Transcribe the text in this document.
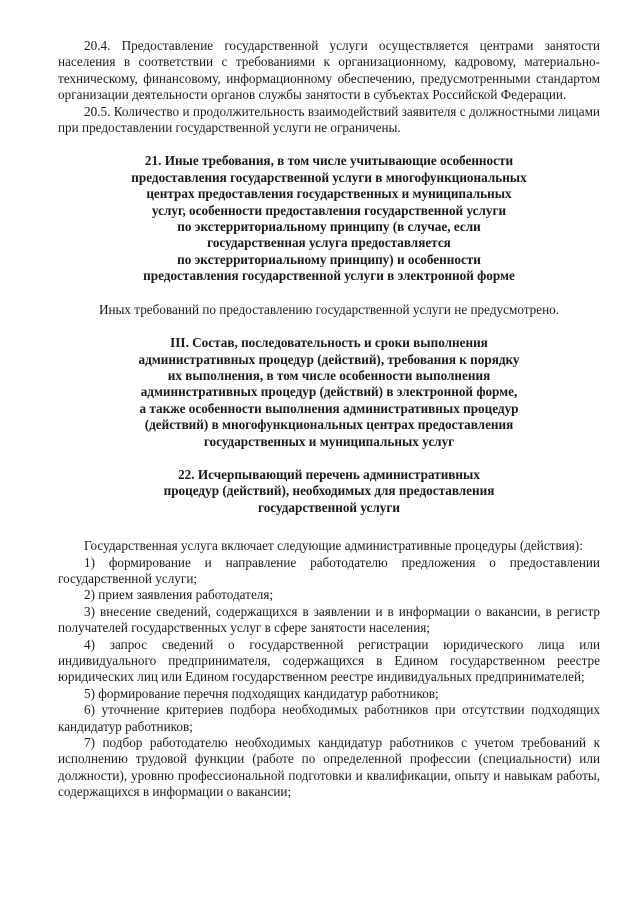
20.4. Предоставление государственной услуги осуществляется центрами занятости населения в соответствии с требованиями к организационному, кадровому, материально-техническому, финансовому, информационному обеспечению, предусмотренными стандартом организации деятельности органов службы занятости в субъектах Российской Федерации.

20.5. Количество и продолжительность взаимодействий заявителя с должностными лицами при предоставлении государственной услуги не ограничены.

21. Иные требования, в том числе учитывающие особенности
предоставления государственной услуги в многофункциональных
центрах предоставления государственных и муниципальных
услуг, особенности предоставления государственной услуги
по экстерриториальному принципу (в случае, если
государственная услуга предоставляется
по экстерриториальному принципу) и особенности
предоставления государственной услуги в электронной форме

Иных требований по предоставлению государственной услуги не предусмотрено.

III. Состав, последовательность и сроки выполнения
административных процедур (действий), требования к порядку
их выполнения, в том числе особенности выполнения
административных процедур (действий) в электронной форме,
а также особенности выполнения административных процедур
(действий) в многофункциональных центрах предоставления
государственных и муниципальных услуг
22. Исчерпывающий перечень административных
процедур (действий), необходимых для предоставления
государственной услуги

Государственная услуга включает следующие административные процедуры (действия):

1) формирование и направление работодателю предложения о предоставлении государственной услуги;

2) прием заявления работодателя;

3) внесение сведений, содержащихся в заявлении и в информации о вакансии, в регистр получателей государственных услуг в сфере занятости населения;

4) запрос сведений о государственной регистрации юридического лица или индивидуального предпринимателя, содержащихся в Едином государственном реестре юридических лиц или Едином государственном реестре индивидуальных предпринимателей;

5) формирование перечня подходящих кандидатур работников;

6) уточнение критериев подбора необходимых работников при отсутствии подходящих кандидатур работников;

7) подбор работодателю необходимых кандидатур работников с учетом требований к исполнению трудовой функции (работе по определенной профессии (специальности) или должности), уровню профессиональной подготовки и квалификации, опыту и навыкам работы, содержащихся в информации о вакансии;
